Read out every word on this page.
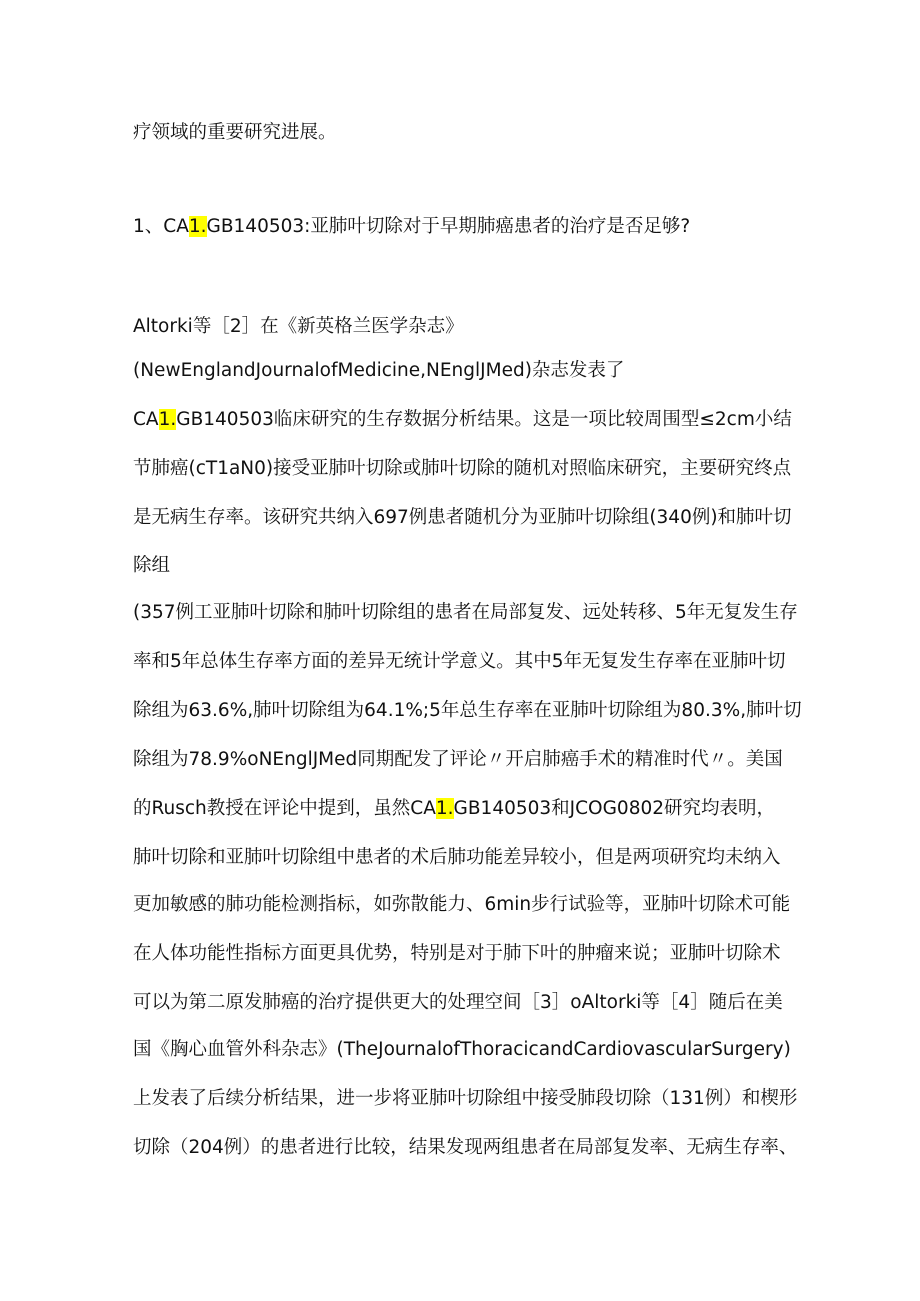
疗领域的重要研究进展。
1、CA1.GB140503:亚肺叶切除对于早期肺癌患者的治疗是否足够?
Altorki等［2］在《新英格兰医学杂志》
(NewEnglandJournalofMedicine,NEnglJMed)杂志发表了
CA1.GB140503临床研究的生存数据分析结果。这是一项比较周围型≤2cm小结
节肺癌(cT1aN0)接受亚肺叶切除或肺叶切除的随机对照临床研究，主要研究终点
是无病生存率。该研究共纳入697例患者随机分为亚肺叶切除组(340例)和肺叶切
除组
(357例工亚肺叶切除和肺叶切除组的患者在局部复发、远处转移、5年无复发生存
率和5年总体生存率方面的差异无统计学意义。其中5年无复发生存率在亚肺叶切
除组为63.6%,肺叶切除组为64.1%;5年总生存率在亚肺叶切除组为80.3%,肺叶切
除组为78.9%oNEnglJMed同期配发了评论〃开启肺癌手术的精准时代〃。美国
的Rusch教授在评论中提到，虽然CA1.GB140503和JCOG0802研究均表明，
肺叶切除和亚肺叶切除组中患者的术后肺功能差异较小，但是两项研究均未纳入
更加敏感的肺功能检测指标，如弥散能力、6min步行试验等，亚肺叶切除术可能
在人体功能性指标方面更具优势，特别是对于肺下叶的肿瘤来说；亚肺叶切除术
可以为第二原发肺癌的治疗提供更大的处理空间［3］oAltorki等［4］随后在美
国《胸心血管外科杂志》(TheJournalofThoracicandCardiovascularSurgery)
上发表了后续分析结果，进一步将亚肺叶切除组中接受肺段切除（131例）和楔形
切除（204例）的患者进行比较，结果发现两组患者在局部复发率、无病生存率、
